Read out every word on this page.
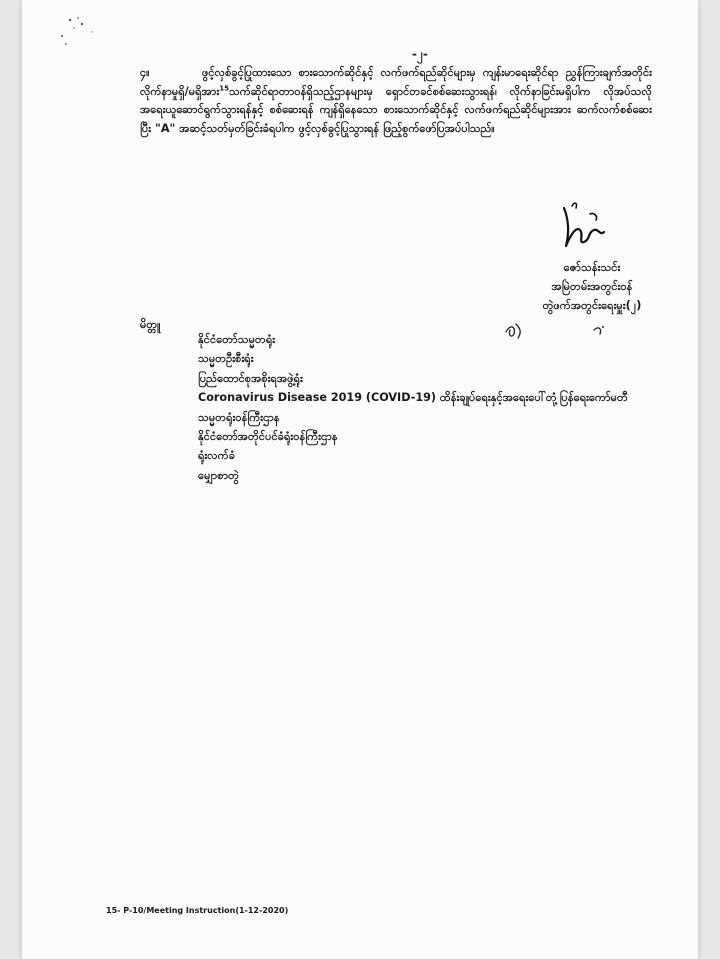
-၂-

၄။	ဖွင့်လှစ်ခွင့်ပြုထားသော စားသောက်ဆိုင်နှင့် လက်ဖက်ရည်ဆိုင်များမှ ကျန်းမာရေးဆိုင်ရာ ညွှန်ကြားချက်အတိုင်း လိုက်နာမှုရှိ/မရှိအား$^{15}$သက်ဆိုင်ရာတာဝန်ရှိသည့်ဌာနများမှ ရှောင်တခင်စစ်ဆေးသွားရန်၊ လိုက်နာခြင်းမရှိပါက လိုအပ်သလို အရေးယူဆောင်ရွက်သွားရန်နှင့် စစ်ဆေးရန် ကျန်ရှိနေသော စားသောက်ဆိုင်နှင့် လက်ဖက်ရည်ဆိုင်များအား ဆက်လက်စစ်ဆေးပြီး "A" အဆင့်သတ်မှတ်ခြင်းခံရပါက ဖွင့်လှစ်ခွင့်ပြုသွားရန် ဖြည့်စွက်ဖော်ပြအပ်ပါသည်။

ဇော်သန်းသင်း
အမြဲတမ်းအတွင်းဝန်
တွဲဖက်အတွင်းရေးမှူး(၂)
မိတ္တူ
နိုင်ငံတော်သမ္မတရုံး
သမ္မတဦးစီးရုံး
ပြည်ထောင်စုအစိုးရအဖွဲ့ရုံး
Coronavirus Disease 2019 (COVID-19) ထိန်းချုပ်ရေးနှင့်အရေးပေါ်တုံ့ပြန်ရေးကော်မတီ
သမ္မတရုံးဝန်ကြီးဌာန
နိုင်ငံတော်အတိုင်ပင်ခံရုံးဝန်ကြီးဌာန
ရုံးလက်ခံ
မျှောစာတွဲ
15- P-10/Meeting Instruction(1-12-2020)
